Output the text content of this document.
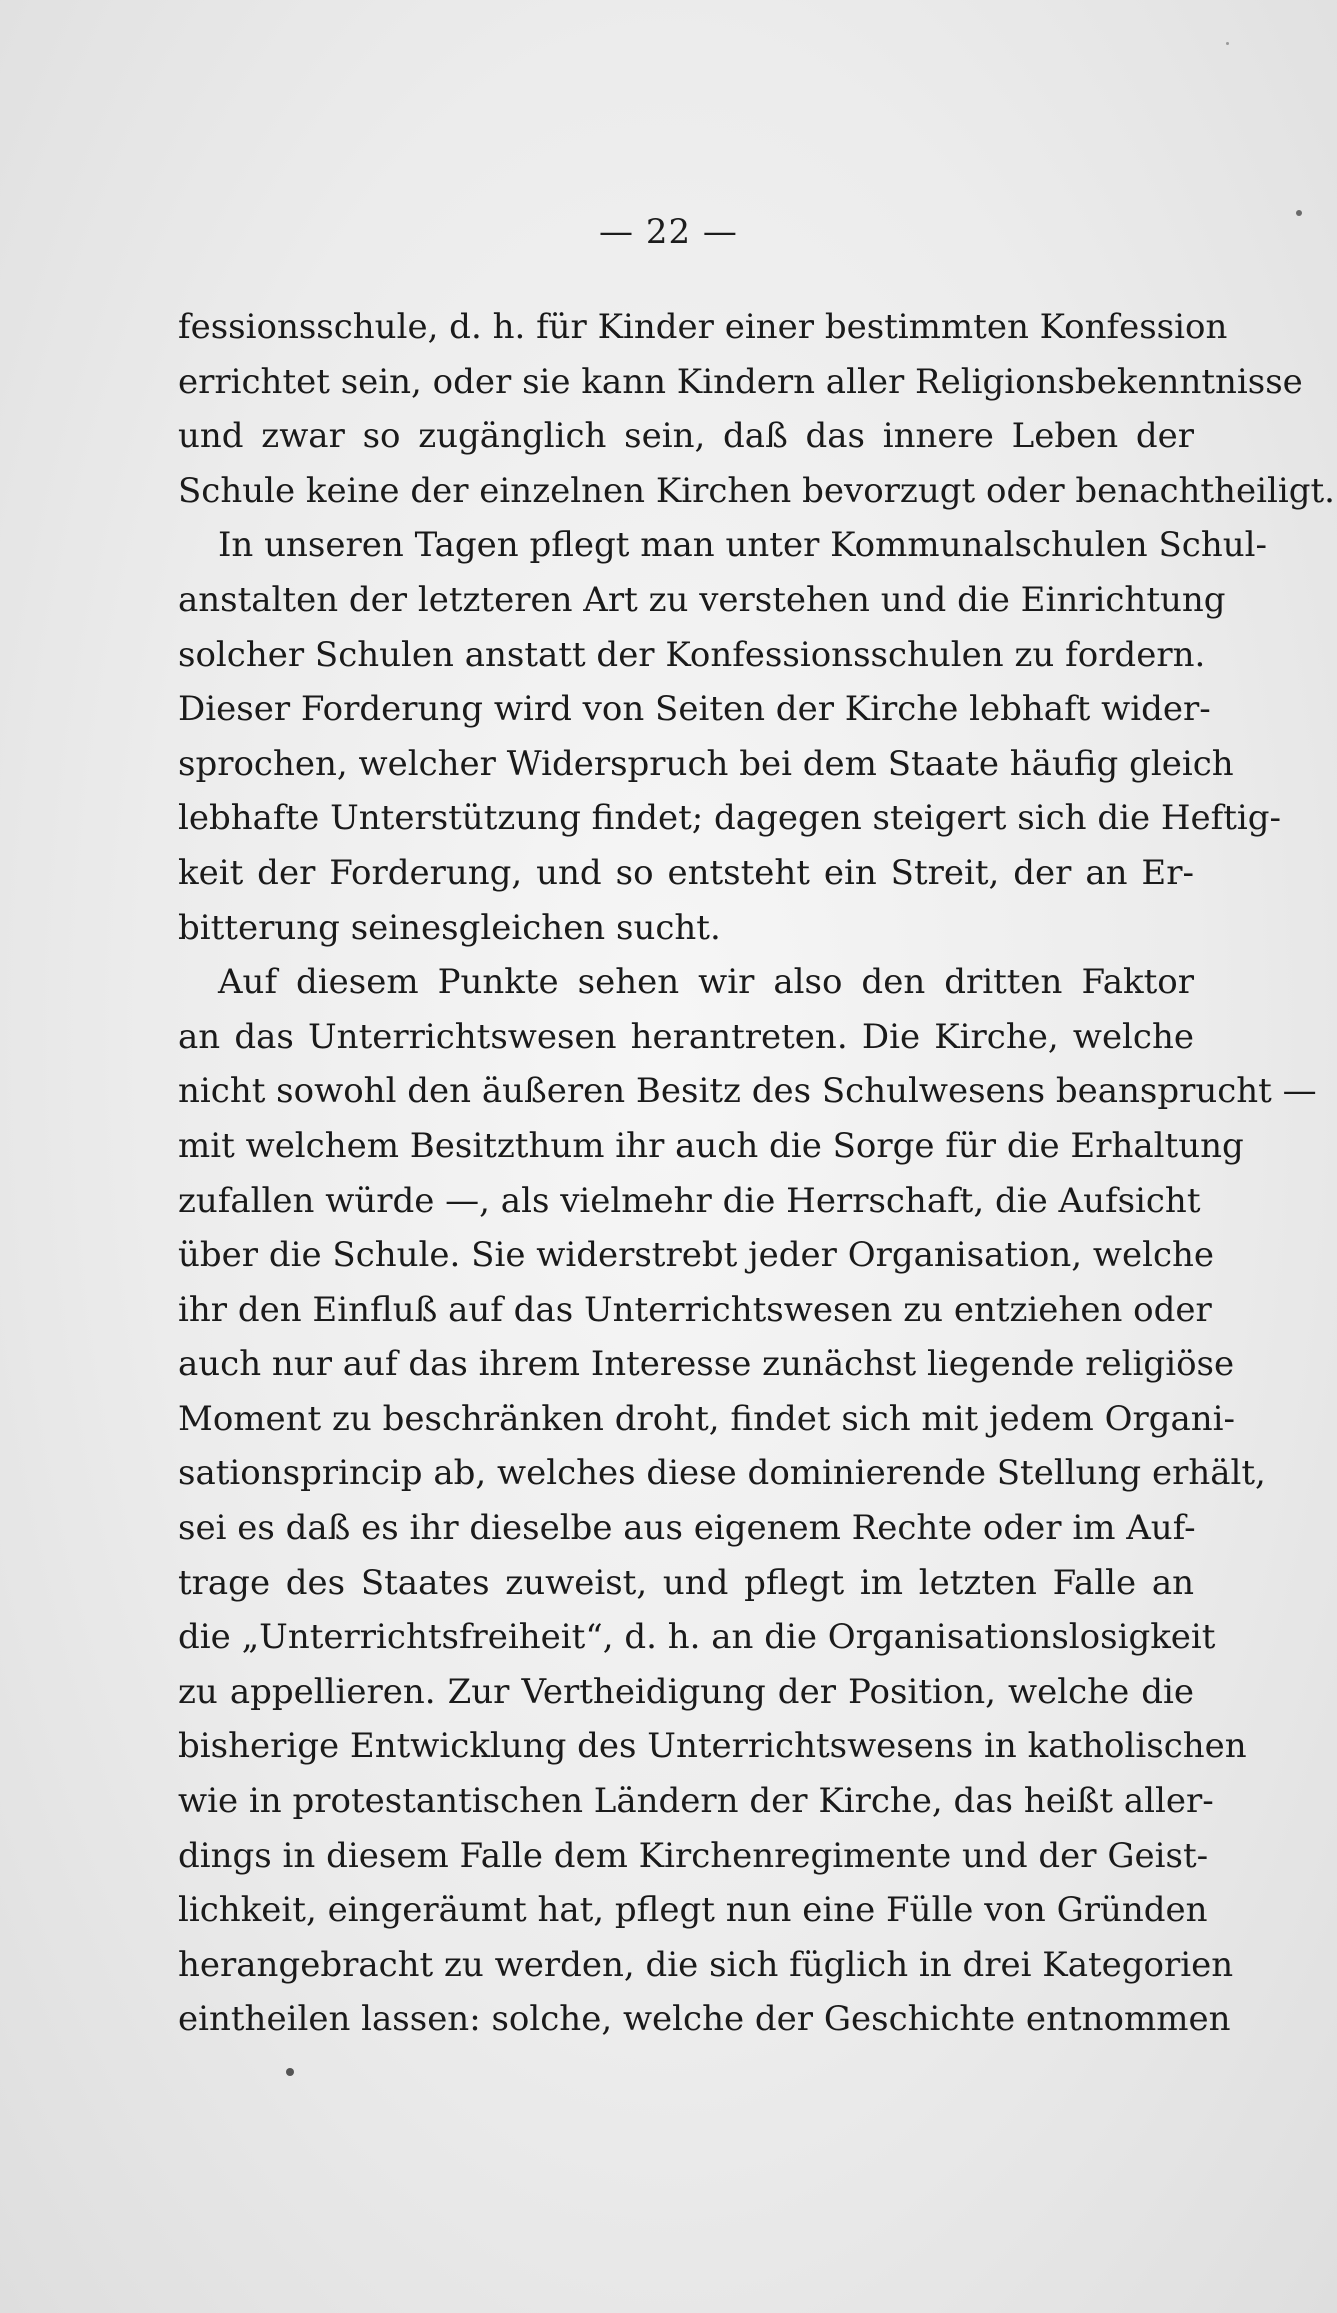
— 22 —
fessionsschule, d. h. für Kinder einer bestimmten Konfession
errichtet sein, oder sie kann Kindern aller Religionsbekenntnisse
und zwar so zugänglich sein, daß das innere Leben der
Schule keine der einzelnen Kirchen bevorzugt oder benachtheiligt.
In unseren Tagen pflegt man unter Kommunalschulen Schul-
anstalten der letzteren Art zu verstehen und die Einrichtung
solcher Schulen anstatt der Konfessionsschulen zu fordern.
Dieser Forderung wird von Seiten der Kirche lebhaft wider-
sprochen, welcher Widerspruch bei dem Staate häufig gleich
lebhafte Unterstützung findet; dagegen steigert sich die Heftig-
keit der Forderung, und so entsteht ein Streit, der an Er-
bitterung seinesgleichen sucht.
Auf diesem Punkte sehen wir also den dritten Faktor
an das Unterrichtswesen herantreten. Die Kirche, welche
nicht sowohl den äußeren Besitz des Schulwesens beansprucht —
mit welchem Besitzthum ihr auch die Sorge für die Erhaltung
zufallen würde —, als vielmehr die Herrschaft, die Aufsicht
über die Schule. Sie widerstrebt jeder Organisation, welche
ihr den Einfluß auf das Unterrichtswesen zu entziehen oder
auch nur auf das ihrem Interesse zunächst liegende religiöse
Moment zu beschränken droht, findet sich mit jedem Organi-
sationsprincip ab, welches diese dominierende Stellung erhält,
sei es daß es ihr dieselbe aus eigenem Rechte oder im Auf-
trage des Staates zuweist, und pflegt im letzten Falle an
die „Unterrichtsfreiheit“, d. h. an die Organisationslosigkeit
zu appellieren. Zur Vertheidigung der Position, welche die
bisherige Entwicklung des Unterrichtswesens in katholischen
wie in protestantischen Ländern der Kirche, das heißt aller-
dings in diesem Falle dem Kirchenregimente und der Geist-
lichkeit, eingeräumt hat, pflegt nun eine Fülle von Gründen
herangebracht zu werden, die sich füglich in drei Kategorien
eintheilen lassen: solche, welche der Geschichte entnommen
